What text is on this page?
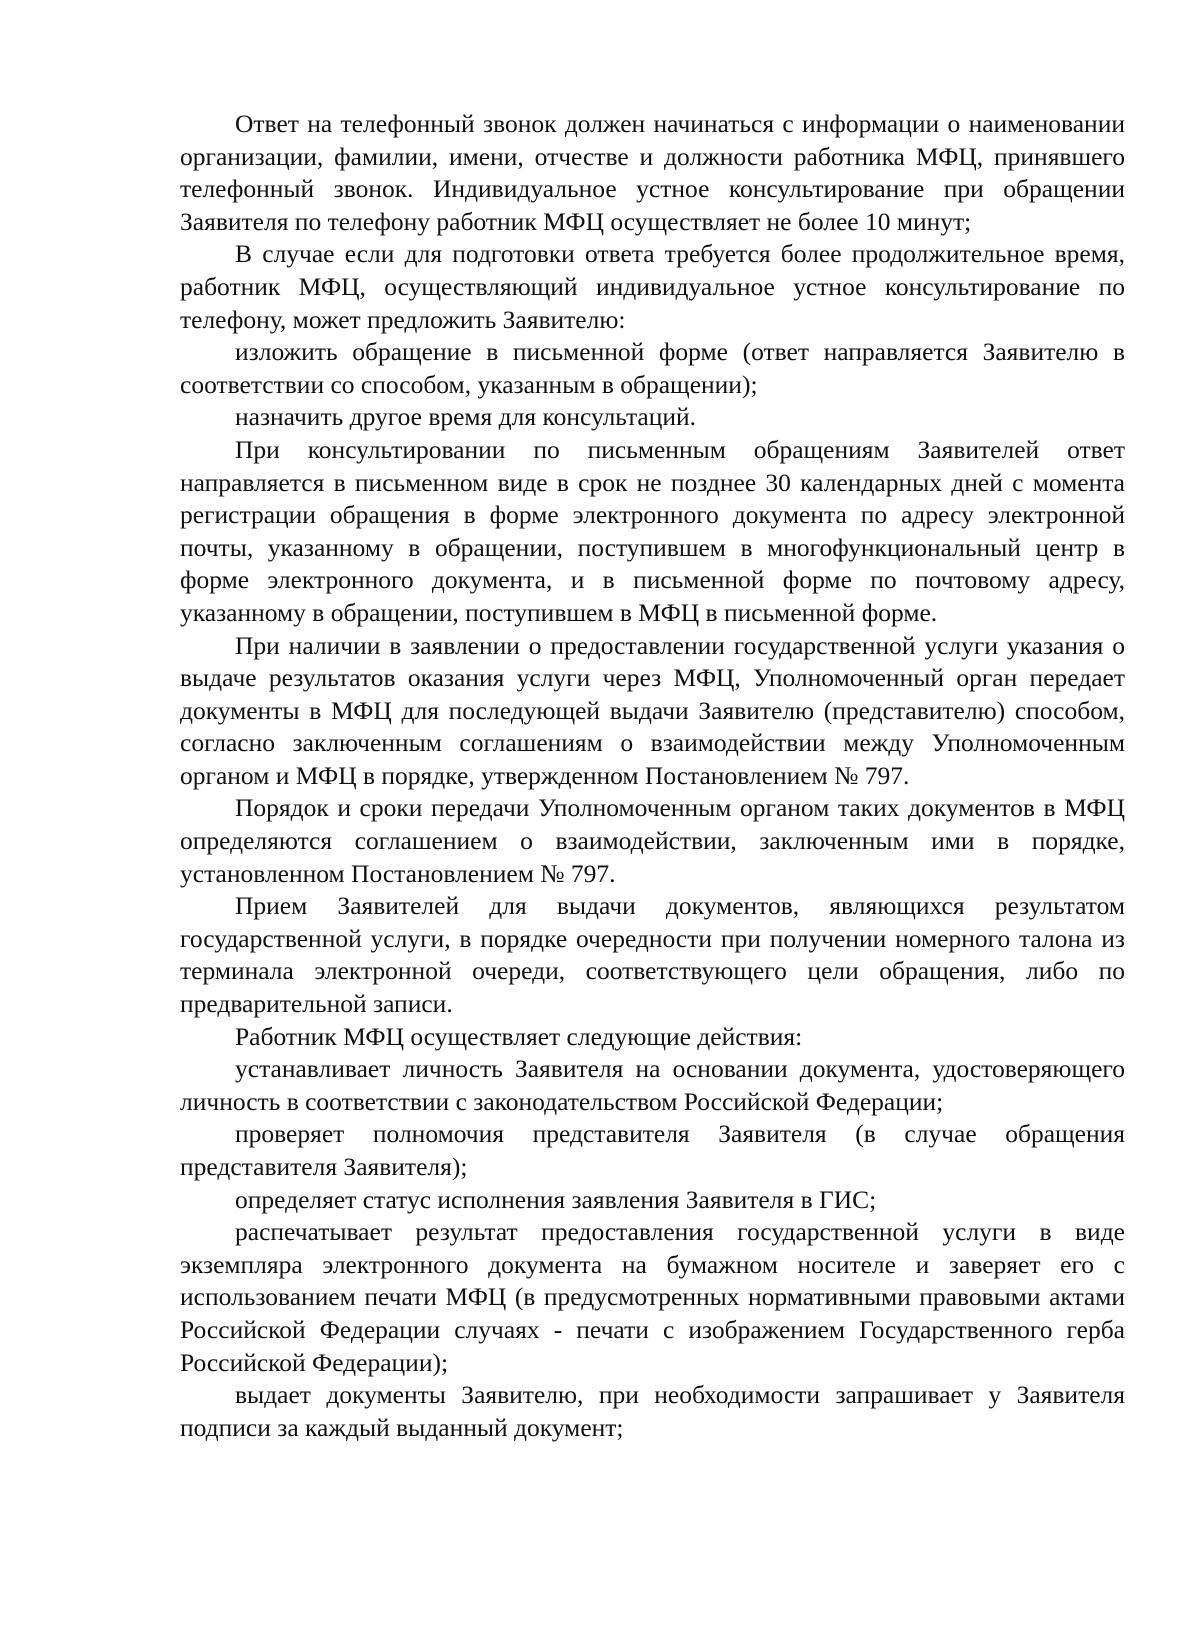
Ответ на телефонный звонок должен начинаться с информации о наименовании организации, фамилии, имени, отчестве и должности работника МФЦ, принявшего телефонный звонок. Индивидуальное устное консультирование при обращении Заявителя по телефону работник МФЦ осуществляет не более 10 минут;

В случае если для подготовки ответа требуется более продолжительное время, работник МФЦ, осуществляющий индивидуальное устное консультирование по телефону, может предложить Заявителю:

изложить обращение в письменной форме (ответ направляется Заявителю в соответствии со способом, указанным в обращении);

назначить другое время для консультаций.

При консультировании по письменным обращениям Заявителей ответ направляется в письменном виде в срок не позднее 30 календарных дней с момента регистрации обращения в форме электронного документа по адресу электронной почты, указанному в обращении, поступившем в многофункциональный центр в форме электронного документа, и в письменной форме по почтовому адресу, указанному в обращении, поступившем в МФЦ в письменной форме.

При наличии в заявлении о предоставлении государственной услуги указания о выдаче результатов оказания услуги через МФЦ, Уполномоченный орган передает документы в МФЦ для последующей выдачи Заявителю (представителю) способом, согласно заключенным соглашениям о взаимодействии между Уполномоченным органом и МФЦ в порядке, утвержденном Постановлением № 797.

Порядок и сроки передачи Уполномоченным органом таких документов в МФЦ определяются соглашением о взаимодействии, заключенным ими в порядке, установленном Постановлением № 797.

Прием Заявителей для выдачи документов, являющихся результатом государственной услуги, в порядке очередности при получении номерного талона из терминала электронной очереди, соответствующего цели обращения, либо по предварительной записи.

Работник МФЦ осуществляет следующие действия:

устанавливает личность Заявителя на основании документа, удостоверяющего личность в соответствии с законодательством Российской Федерации;

проверяет полномочия представителя Заявителя (в случае обращения представителя Заявителя);

определяет статус исполнения заявления Заявителя в ГИС;

распечатывает результат предоставления государственной услуги в виде экземпляра электронного документа на бумажном носителе и заверяет его с использованием печати МФЦ (в предусмотренных нормативными правовыми актами Российской Федерации случаях - печати с изображением Государственного герба Российской Федерации);

выдает документы Заявителю, при необходимости запрашивает у Заявителя подписи за каждый выданный документ;
